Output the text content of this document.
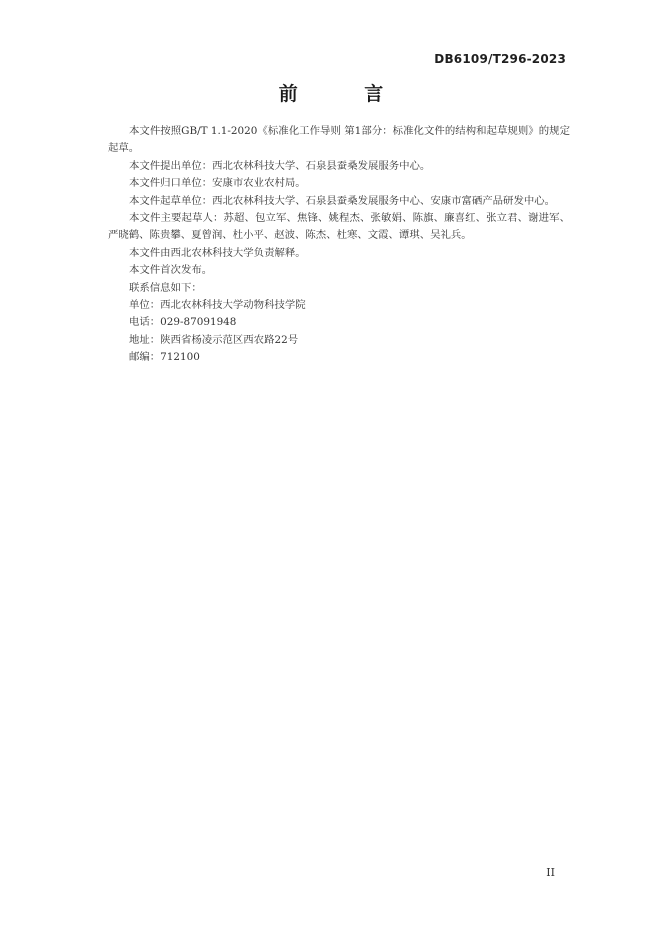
DB6109/T296-2023
前 言

本文件按照GB/T 1.1-2020《标准化工作导则 第1部分：标准化文件的结构和起草规则》的规定起草。

本文件提出单位：西北农林科技大学、石泉县蚕桑发展服务中心。

本文件归口单位：安康市农业农村局。

本文件起草单位：西北农林科技大学、石泉县蚕桑发展服务中心、安康市富硒产品研发中心。

本文件主要起草人：苏超、包立军、焦锋、姚程杰、张敏娟、陈旗、廉喜红、张立君、谢进军、严晓鹤、陈贵攀、夏曾润、杜小平、赵波、陈杰、杜寒、文霞、谭琪、吴礼兵。

本文件由西北农林科技大学负责解释。

本文件首次发布。

联系信息如下：

单位：西北农林科技大学动物科技学院

电话：029-87091948

地址：陕西省杨凌示范区西农路22号

邮编：712100

II
